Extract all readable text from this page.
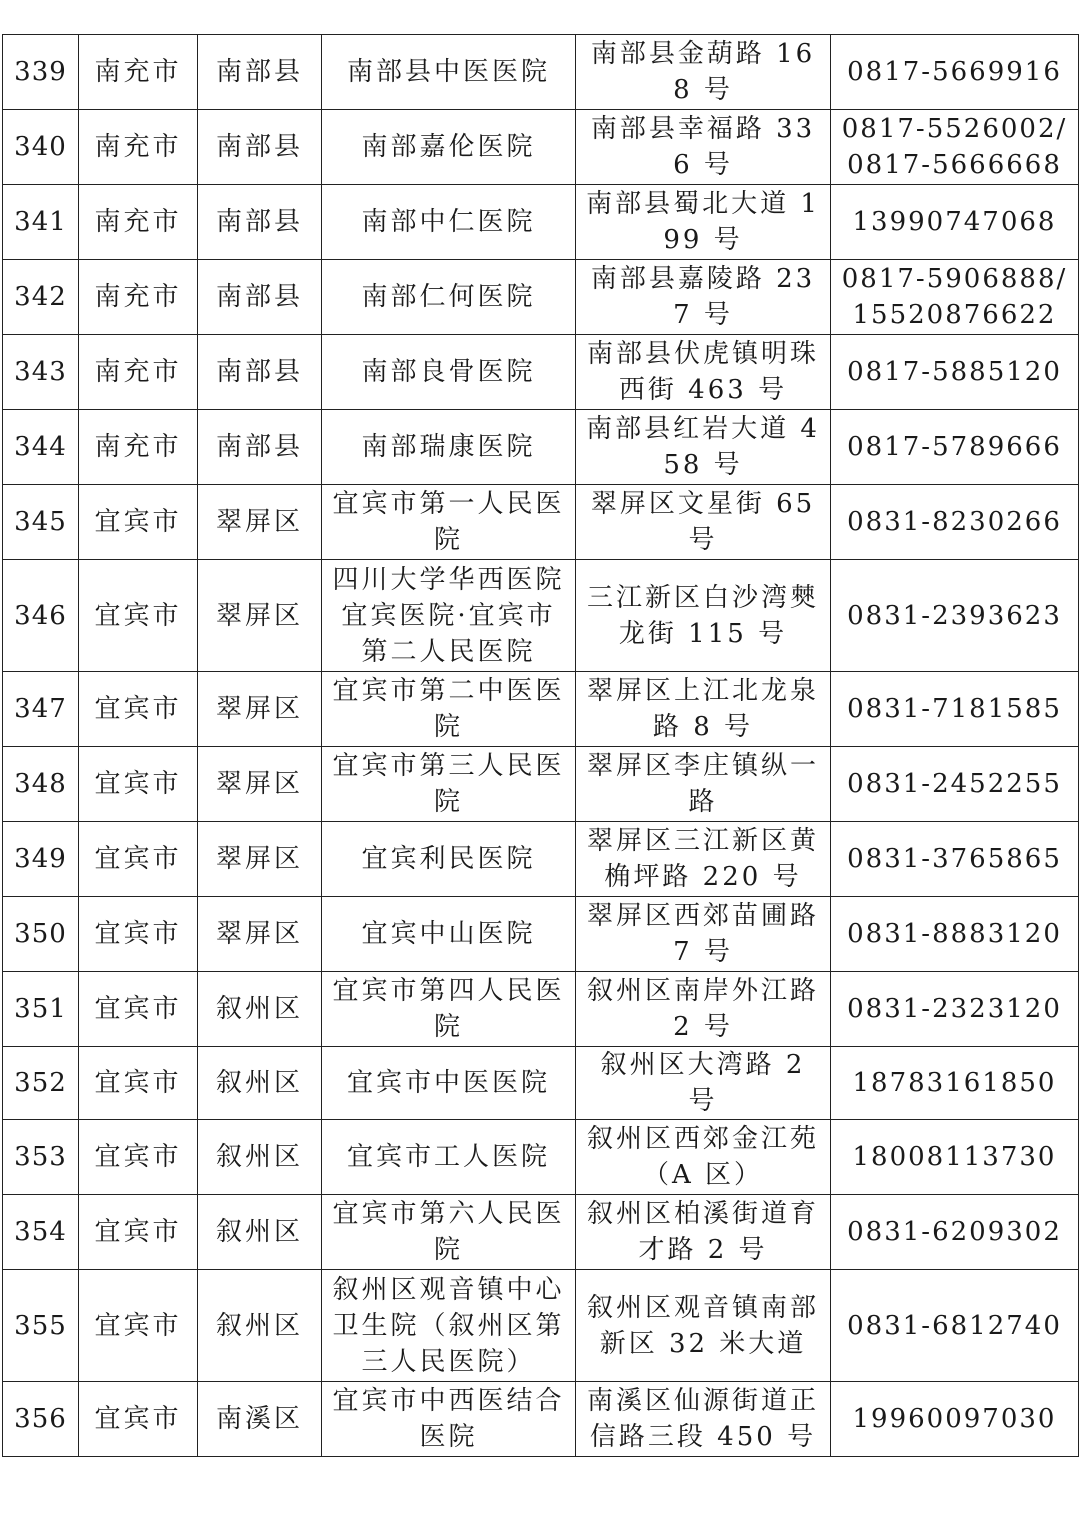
339	南充市	南部县	南部县中医医院	南部县金葫路 168 号	0817-5669916
340	南充市	南部县	南部嘉伦医院	南部县幸福路 336 号	0817-5526002/0817-5666668
341	南充市	南部县	南部中仁医院	南部县蜀北大道 199 号	13990747068
342	南充市	南部县	南部仁何医院	南部县嘉陵路 237 号	0817-5906888/15520876622
343	南充市	南部县	南部良骨医院	南部县伏虎镇明珠西街 463 号	0817-5885120
344	南充市	南部县	南部瑞康医院	南部县红岩大道 458 号	0817-5789666
345	宜宾市	翠屏区	宜宾市第一人民医院	翠屏区文星街 65 号	0831-8230266
346	宜宾市	翠屏区	四川大学华西医院宜宾医院·宜宾市第二人民医院	三江新区白沙湾僰龙街 115 号	0831-2393623
347	宜宾市	翠屏区	宜宾市第二中医医院	翠屏区上江北龙泉路 8 号	0831-7181585
348	宜宾市	翠屏区	宜宾市第三人民医院	翠屏区李庄镇纵一路	0831-2452255
349	宜宾市	翠屏区	宜宾利民医院	翠屏区三江新区黄桷坪路 220 号	0831-3765865
350	宜宾市	翠屏区	宜宾中山医院	翠屏区西郊苗圃路 7 号	0831-8883120
351	宜宾市	叙州区	宜宾市第四人民医院	叙州区南岸外江路 2 号	0831-2323120
352	宜宾市	叙州区	宜宾市中医医院	叙州区大湾路 2 号	18783161850
353	宜宾市	叙州区	宜宾市工人医院	叙州区西郊金江苑（A 区）	18008113730
354	宜宾市	叙州区	宜宾市第六人民医院	叙州区柏溪街道育才路 2 号	0831-6209302
355	宜宾市	叙州区	叙州区观音镇中心卫生院（叙州区第三人民医院）	叙州区观音镇南部新区 32 米大道	0831-6812740
356	宜宾市	南溪区	宜宾市中西医结合医院	南溪区仙源街道正信路三段 450 号	19960097030
